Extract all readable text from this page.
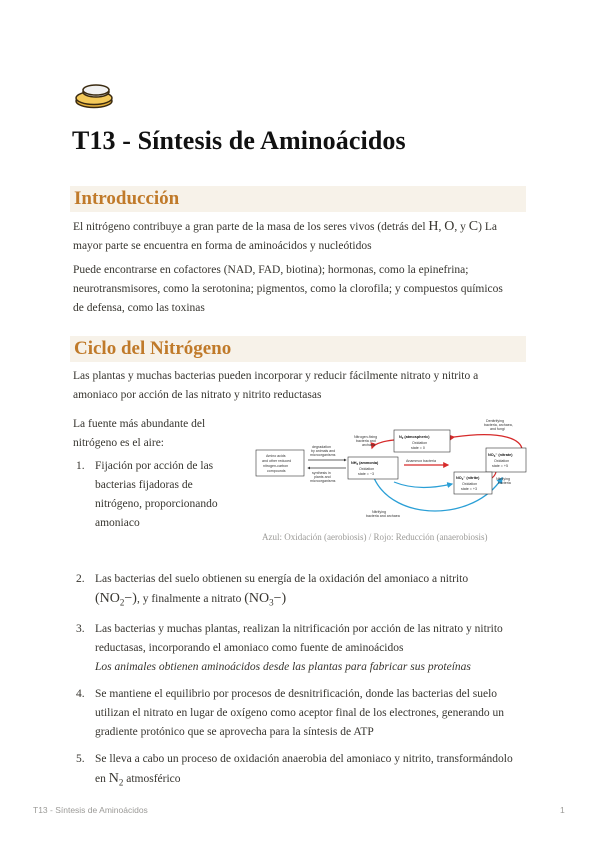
T13 - Síntesis de Aminoácidos
Introducción

El nitrógeno contribuye a gran parte de la masa de los seres vivos (detrás del H, O, y C) La

mayor parte se encuentra en forma de aminoácidos y nucleótidos

Puede encontrarse en cofactores (NAD, FAD, biotina); hormonas, como la epinefrina;

neurotransmisores, como la serotonina; pigmentos, como la clorofila; y compuestos químicos

de defensa, como las toxinas

Ciclo del Nitrógeno

Las plantas y muchas bacterias pueden incorporar y reducir fácilmente nitrato y nitrito a

amoniaco por acción de las nitrato y nitrito reductasas

La fuente más abundante del

nitrógeno es el aire:

1. Fijación por acción de las
bacterias fijadoras de
nitrógeno, proporcionando
amoniaco
$N_2$ (atmospheric)
Oxidation
state = 0
Nitrogen-fixing
bacteria and
archaea
Denitrifying
bacteria, archaea,
and fungi
$NH_3$ (ammonia)
Oxidation
state = −3
Anammox bacteria
$NO_3^-$ (nitrate)
Oxidation
state = +5
$NO_2^-$ (nitrite)
Oxidation
state = +3
Nitrifying
bacteria
Nitrifying
bacteria and archaea
Amino acids
and other reduced
nitrogen-carbon
compounds
degradation
by animals and
microorganisms
synthesis in
plants and
microorganisms
Azul: Oxidación (aerobiosis) / Rojo: Reducción (anaerobiosis)
2. Las bacterias del suelo obtienen su energía de la oxidación del amoniaco a nitrito
$(NO_2-)$, y finalmente a nitrato $(NO_3-)$
3. Las bacterias y muchas plantas, realizan la nitrificación por acción de las nitrato y nitrito
reductasas, incorporando el amoniaco como fuente de aminoácidos
Los animales obtienen aminoácidos desde las plantas para fabricar sus proteínas
4. Se mantiene el equilibrio por procesos de desnitrificación, donde las bacterias del suelo
utilizan el nitrato en lugar de oxígeno como aceptor final de los electrones, generando un
gradiente protónico que se aprovecha para la síntesis de ATP
5. Se lleva a cabo un proceso de oxidación anaerobia del amoniaco y nitrito, transformándolo
en $N_2$ atmosférico
T13 - Síntesis de Aminoácidos	1
